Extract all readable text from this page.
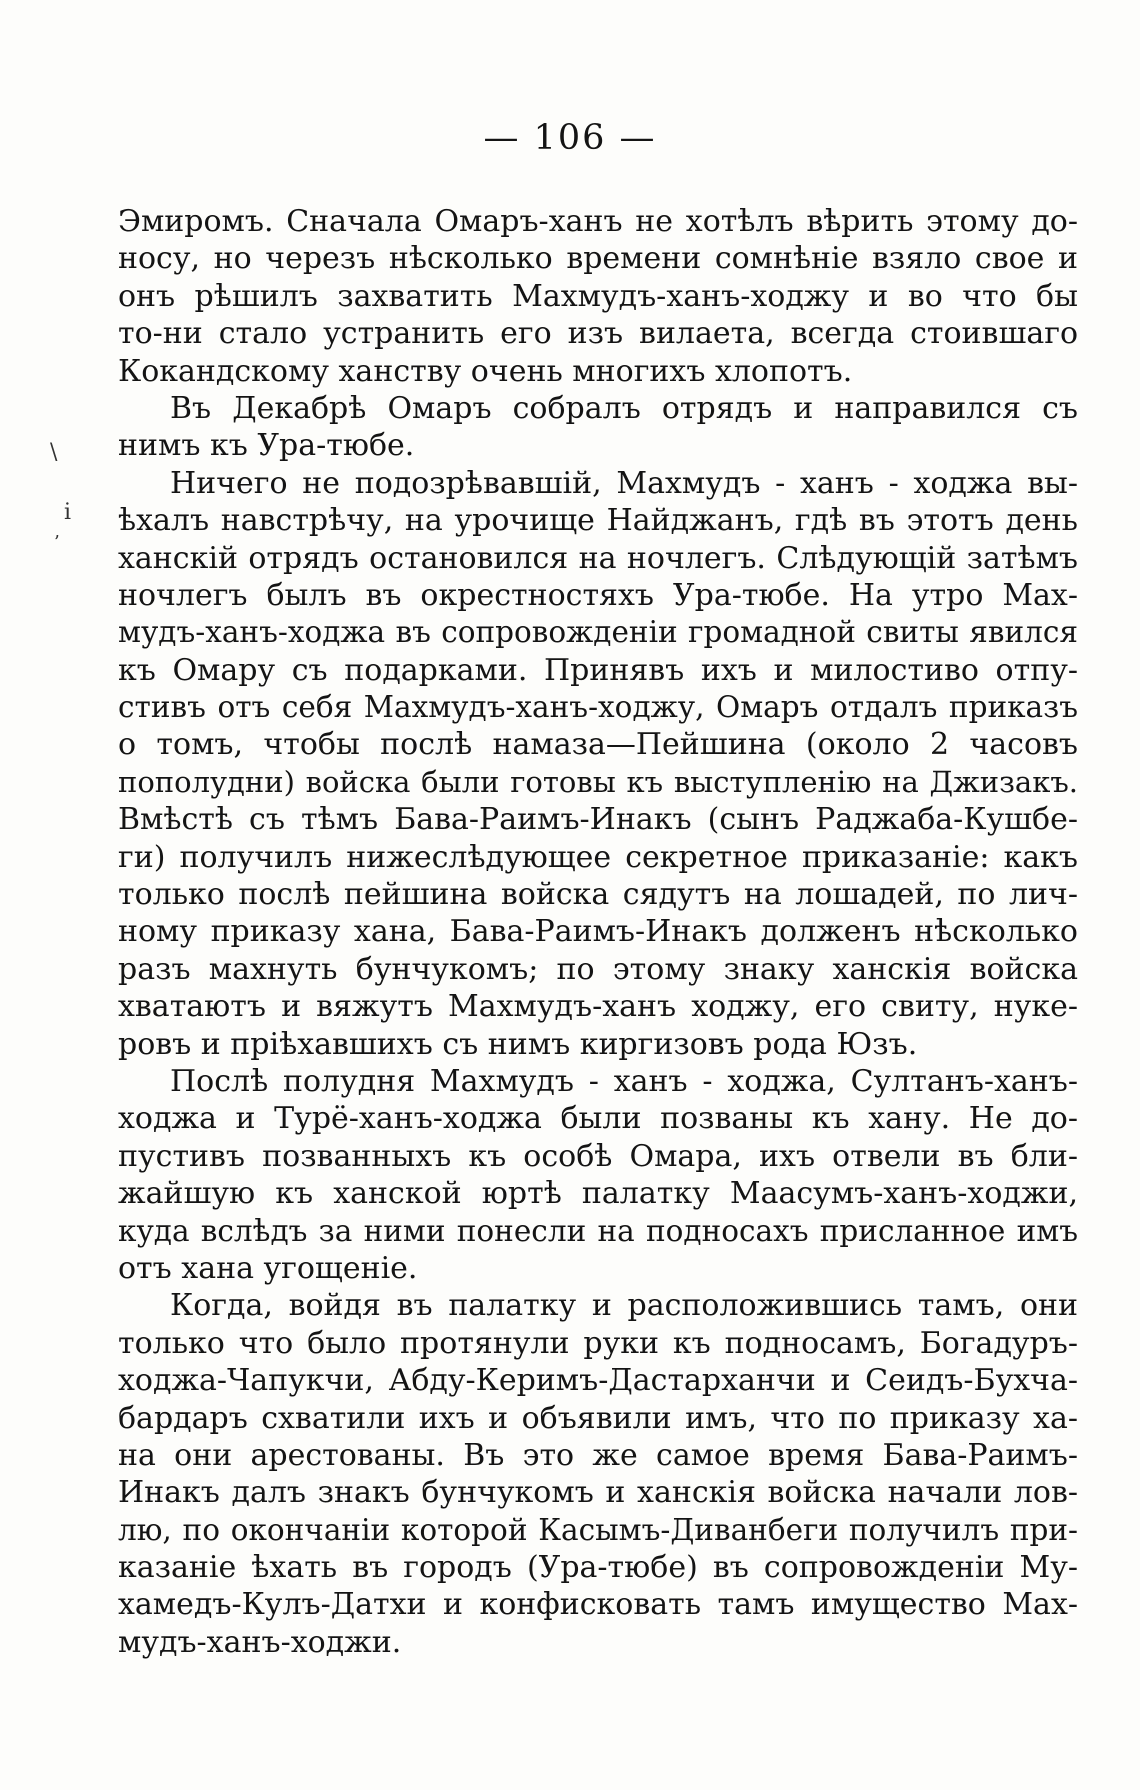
— 106 —
\
і
’
Эмиромъ. Сначала Омаръ-ханъ не хотѣлъ вѣрить этому до-
носу, но черезъ нѣсколько времени сомнѣніе взяло свое и
онъ рѣшилъ захватить Махмудъ-ханъ-ходжу и во что бы
то-ни стало устранить его изъ вилаета, всегда стоившаго
Кокандскому ханству очень многихъ хлопотъ.
Въ Декабрѣ Омаръ собралъ отрядъ и направился съ
нимъ къ Ура-тюбе.
Ничего не подозрѣвавшій, Махмудъ - ханъ - ходжа вы-
ѣхалъ навстрѣчу, на урочище Найджанъ, гдѣ въ этотъ день
ханскій отрядъ остановился на ночлегъ. Слѣдующій затѣмъ
ночлегъ былъ въ окрестностяхъ Ура-тюбе. На утро Мах-
мудъ-ханъ-ходжа въ сопровожденіи громадной свиты явился
къ Омару съ подарками. Принявъ ихъ и милостиво отпу-
стивъ отъ себя Махмудъ-ханъ-ходжу, Омаръ отдалъ приказъ
о томъ, чтобы послѣ намаза—Пейшина (около 2 часовъ
пополудни) войска были готовы къ выступленію на Джизакъ.
Вмѣстѣ съ тѣмъ Бава-Раимъ-Инакъ (сынъ Раджаба-Кушбе-
ги) получилъ нижеслѣдующее секретное приказаніе: какъ
только послѣ пейшина войска сядутъ на лошадей, по лич-
ному приказу хана, Бава-Раимъ-Инакъ долженъ нѣсколько
разъ махнуть бунчукомъ; по этому знаку ханскія войска
хватаютъ и вяжутъ Махмудъ-ханъ ходжу, его свиту, нуке-
ровъ и пріѣхавшихъ съ нимъ киргизовъ рода Юзъ.
Послѣ полудня Махмудъ - ханъ - ходжа, Султанъ-ханъ-
ходжа и Турё-ханъ-ходжа были позваны къ хану. Не до-
пустивъ позванныхъ къ особѣ Омара, ихъ отвели въ бли-
жайшую къ ханской юртѣ палатку Маасумъ-ханъ-ходжи,
куда вслѣдъ за ними понесли на подносахъ присланное имъ
отъ хана угощеніе.
Когда, войдя въ палатку и расположившись тамъ, они
только что было протянули руки къ подносамъ, Богадуръ-
ходжа-Чапукчи, Абду-Керимъ-Дастарханчи и Сеидъ-Бухча-
бардаръ схватили ихъ и объявили имъ, что по приказу ха-
на они арестованы. Въ это же самое время Бава-Раимъ-
Инакъ далъ знакъ бунчукомъ и ханскія войска начали лов-
лю, по окончаніи которой Касымъ-Диванбеги получилъ при-
казаніе ѣхать въ городъ (Ура-тюбе) въ сопровожденіи Му-
хамедъ-Кулъ-Датхи и конфисковать тамъ имущество Мах-
мудъ-ханъ-ходжи.
